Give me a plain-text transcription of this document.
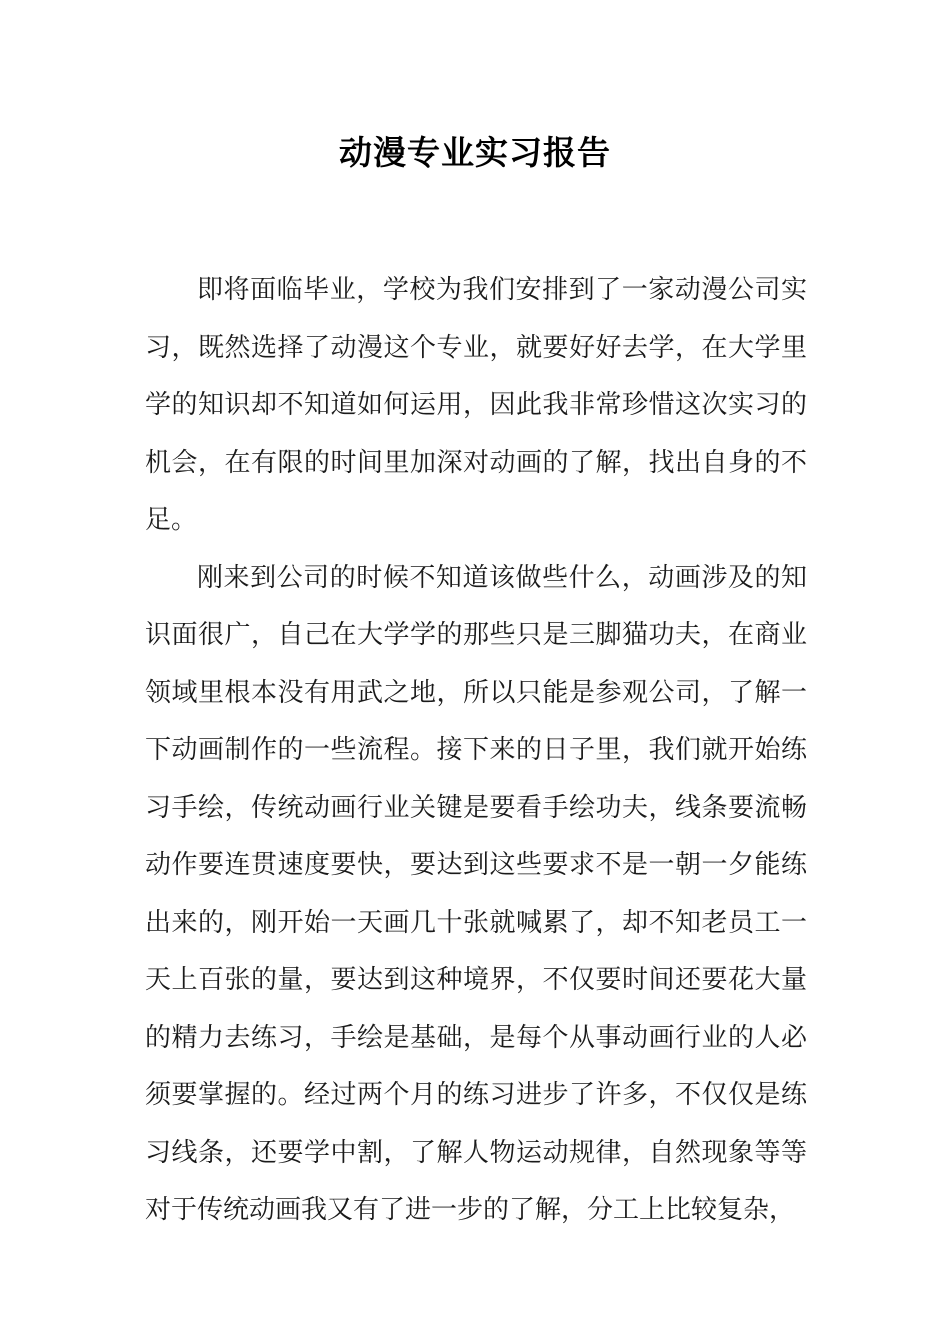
动漫专业实习报告

即将面临毕业，学校为我们安排到了一家动漫公司实习，既然选择了动漫这个专业，就要好好去学，在大学里学的知识却不知道如何运用，因此我非常珍惜这次实习的机会，在有限的时间里加深对动画的了解，找出自身的不足。

刚来到公司的时候不知道该做些什么，动画涉及的知识面很广，自己在大学学的那些只是三脚猫功夫，在商业领域里根本没有用武之地，所以只能是参观公司，了解一下动画制作的一些流程。接下来的日子里，我们就开始练习手绘，传统动画行业关键是要看手绘功夫，线条要流畅动作要连贯速度要快，要达到这些要求不是一朝一夕能练出来的，刚开始一天画几十张就喊累了，却不知老员工一天上百张的量，要达到这种境界，不仅要时间还要花大量的精力去练习，手绘是基础，是每个从事动画行业的人必须要掌握的。经过两个月的练习进步了许多，不仅仅是练习线条，还要学中割，了解人物运动规律，自然现象等等对于传统动画我又有了进一步的了解，分工上比较复杂，
